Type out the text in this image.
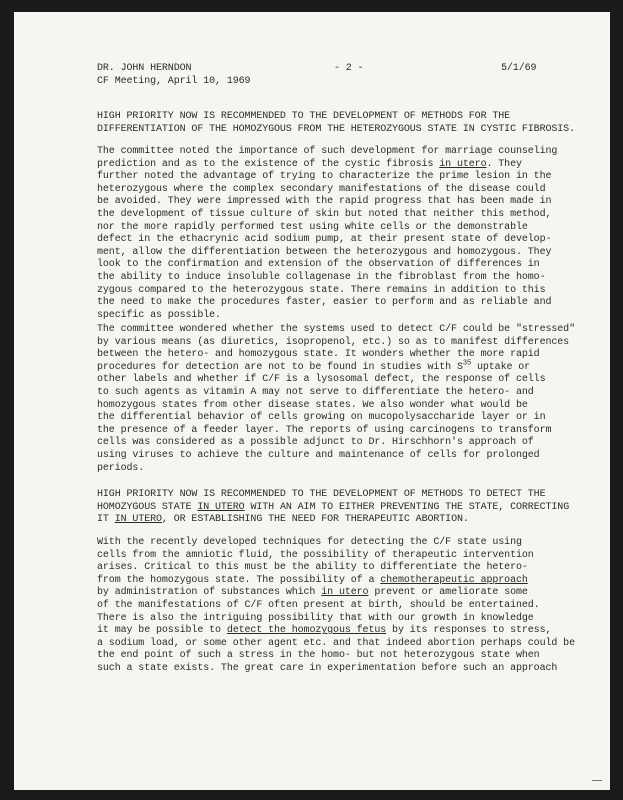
DR. JOHN HERNDON
CF Meeting, April 10, 1969
- 2 -	5/1/69
HIGH PRIORITY NOW IS RECOMMENDED TO THE DEVELOPMENT OF METHODS FOR THE
DIFFERENTIATION OF THE HOMOZYGOUS FROM THE HETEROZYGOUS STATE IN CYSTIC FIBROSIS.
The committee noted the importance of such development for marriage counseling
prediction and as to the existence of the cystic fibrosis in utero. They
further noted the advantage of trying to characterize the prime lesion in the
heterozygous where the complex secondary manifestations of the disease could
be avoided. They were impressed with the rapid progress that has been made in
the development of tissue culture of skin but noted that neither this method,
nor the more rapidly performed test using white cells or the demonstrable
defect in the ethacrynic acid sodium pump, at their present state of develop-
ment, allow the differentiation between the heterozygous and homozygous. They
look to the confirmation and extension of the observation of differences in
the ability to induce insoluble collagenase in the fibroblast from the homo-
zygous compared to the heterozygous state. There remains in addition to this
the need to make the procedures faster, easier to perform and as reliable and
specific as possible.
The committee wondered whether the systems used to detect C/F could be "stressed"
by various means (as diuretics, isopropenol, etc.) so as to manifest differences
between the hetero- and homozygous state. It wonders whether the more rapid
procedures for detection are not to be found in studies with $S^{35}$ uptake or
other labels and whether if C/F is a lysosomal defect, the response of cells
to such agents as vitamin A may not serve to differentiate the hetero- and
homozygous states from other disease states. We also wonder what would be
the differential behavior of cells growing on mucopolysaccharide layer or in
the presence of a feeder layer. The reports of using carcinogens to transform
cells was considered as a possible adjunct to Dr. Hirschhorn's approach of
using viruses to achieve the culture and maintenance of cells for prolonged
periods.
HIGH PRIORITY NOW IS RECOMMENDED TO THE DEVELOPMENT OF METHODS TO DETECT THE
HOMOZYGOUS STATE IN UTERO WITH AN AIM TO EITHER PREVENTING THE STATE, CORRECTING
IT IN UTERO, OR ESTABLISHING THE NEED FOR THERAPEUTIC ABORTION.
With the recently developed techniques for detecting the C/F state using
cells from the amniotic fluid, the possibility of therapeutic intervention
arises. Critical to this must be the ability to differentiate the hetero-
from the homozygous state. The possibility of a chemotherapeutic approach
by administration of substances which in utero prevent or ameliorate some
of the manifestations of C/F often present at birth, should be entertained.
There is also the intriguing possibility that with our growth in knowledge
it may be possible to detect the homozygous fetus by its responses to stress,
a sodium load, or some other agent etc. and that indeed abortion perhaps could be
the end point of such a stress in the homo- but not heterozygous state when
such a state exists. The great care in experimentation before such an approach
